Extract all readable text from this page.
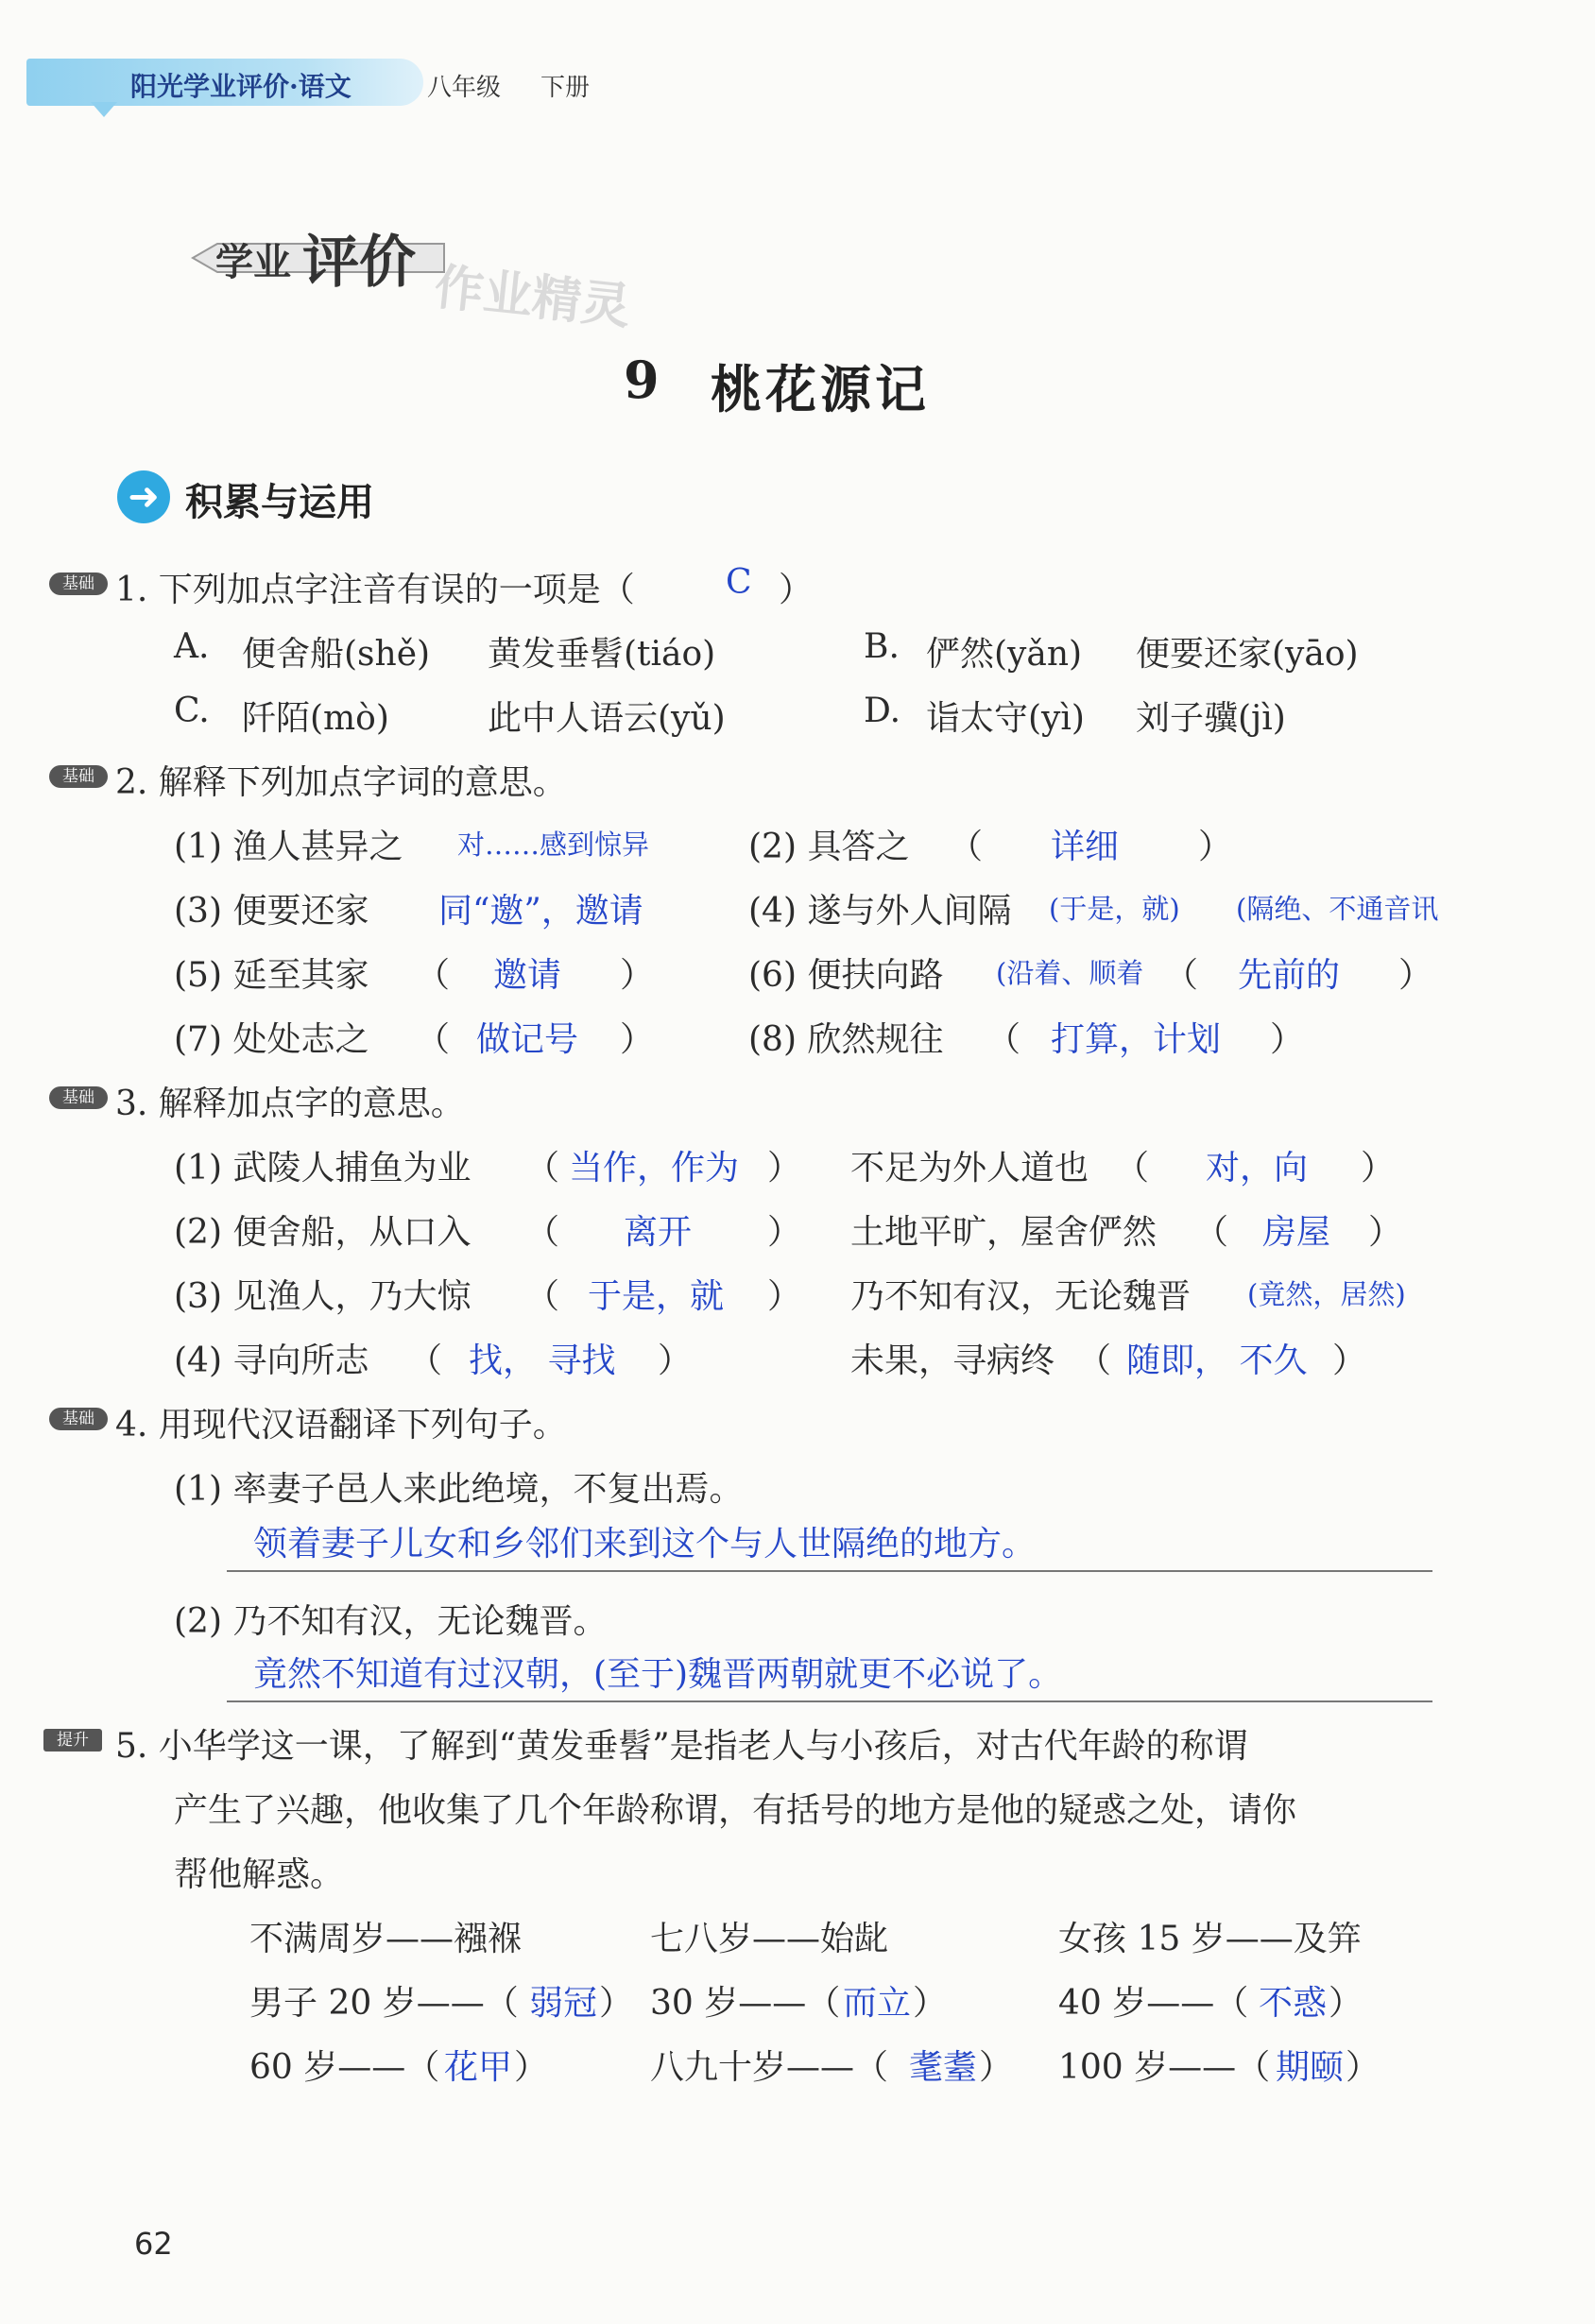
阳光学业评价·语文	八年级 下册
学业 评价 作业精灵
9 桃花源记
➜ 积累与运用
基础 1. 下列加点字注音有误的一项是（	C ）
A. 便舍船(shě) 黄发垂髫(tiáo)	B. 俨然(yǎn) 便要还家(yāo)
C. 阡陌(mò)	此中人语云(yǔ)	D. 诣太守(yì) 刘子骥(jì)
基础 2. 解释下列加点字词的意思。
(1) 渔人甚异之 对……感到惊异	(2) 具答之 （ 详细 ）
(3) 便要还家 同“邀”，邀请	(4) 遂与外人间隔 (于是，就) (隔绝、不通音讯
(5) 延至其家 （ 邀请 ）	(6) 便扶向路 (沿着、顺着 （ 先前的 ）
(7) 处处志之 （ 做记号 ）	(8) 欣然规往 （ 打算，计划 ）
基础 3. 解释加点字的意思。
(1) 武陵人捕鱼为业 （ 当作，作为 ） 不足为外人道也 （ 对，向 ）
(2) 便舍船，从口入 （ 离开 ） 土地平旷，屋舍俨然 （ 房屋 ）
(3) 见渔人，乃大惊 （ 于是，就 ） 乃不知有汉，无论魏晋 (竟然，居然)
(4) 寻向所志 （ 找， 寻找 ）	未果，寻病终 （ 随即， 不久 ）
基础 4. 用现代汉语翻译下列句子。
(1) 率妻子邑人来此绝境，不复出焉。
领着妻子儿女和乡邻们来到这个与人世隔绝的地方。
(2) 乃不知有汉，无论魏晋。
竟然不知道有过汉朝，(至于)魏晋两朝就更不必说了。
提升 5. 小华学这一课，了解到“黄发垂髫”是指老人与小孩后，对古代年龄的称谓
产生了兴趣，他收集了几个年龄称谓，有括号的地方是他的疑惑之处，请你
帮他解惑。
不满周岁——襁褓	七八岁——始龀	女孩 15 岁——及笄
男子 20 岁——（ 弱冠 ） 30 岁——（ 而立 ）	40 岁——（ 不惑 ）
60 岁——（ 花甲 ）	八九十岁——（ 耄耋 ） 100 岁——（ 期颐 ）
62
